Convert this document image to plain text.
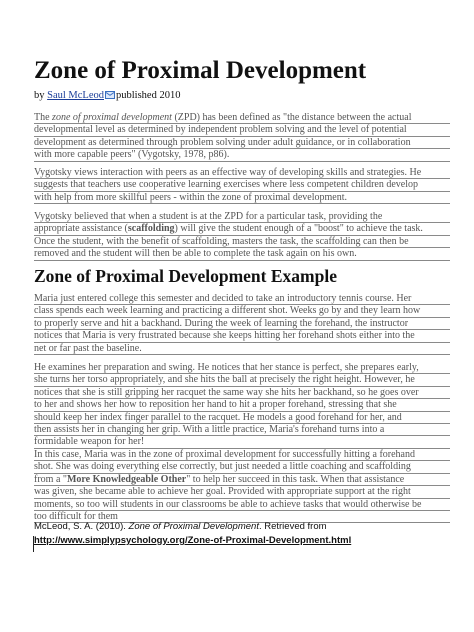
Zone of Proximal Development
by Saul McLeod published 2010
The zone of proximal development (ZPD) has been defined as "the distance between the actual
developmental level as determined by independent problem solving and the level of potential
development as determined through problem solving under adult guidance, or in collaboration
with more capable peers" (Vygotsky, 1978, p86).
Vygotsky views interaction with peers as an effective way of developing skills and strategies. He
suggests that teachers use cooperative learning exercises where less competent children develop
with help from more skillful peers - within the zone of proximal development.
Vygotsky believed that when a student is at the ZPD for a particular task, providing the
appropriate assistance (scaffolding) will give the student enough of a "boost" to achieve the task.
Once the student, with the benefit of scaffolding, masters the task, the scaffolding can then be
removed and the student will then be able to complete the task again on his own.
Zone of Proximal Development Example
Maria just entered college this semester and decided to take an introductory tennis course. Her
class spends each week learning and practicing a different shot. Weeks go by and they learn how
to properly serve and hit a backhand. During the week of learning the forehand, the instructor
notices that Maria is very frustrated because she keeps hitting her forehand shots either into the
net or far past the baseline.
He examines her preparation and swing. He notices that her stance is perfect, she prepares early,
she turns her torso appropriately, and she hits the ball at precisely the right height. However, he
notices that she is still gripping her racquet the same way she hits her backhand, so he goes over
to her and shows her how to reposition her hand to hit a proper forehand, stressing that she
should keep her index finger parallel to the racquet. He models a good forehand for her, and
then assists her in changing her grip. With a little practice, Maria's forehand turns into a
formidable weapon for her!
In this case, Maria was in the zone of proximal development for successfully hitting a forehand
shot. She was doing everything else correctly, but just needed a little coaching and scaffolding
from a "More Knowledgeable Other" to help her succeed in this task. When that assistance
was given, she became able to achieve her goal. Provided with appropriate support at the right
moments, so too will students in our classrooms be able to achieve tasks that would otherwise be
too difficult for them
McLeod, S. A. (2010). Zone of Proximal Development. Retrieved from
http://www.simplypsychology.org/Zone-of-Proximal-Development.html
